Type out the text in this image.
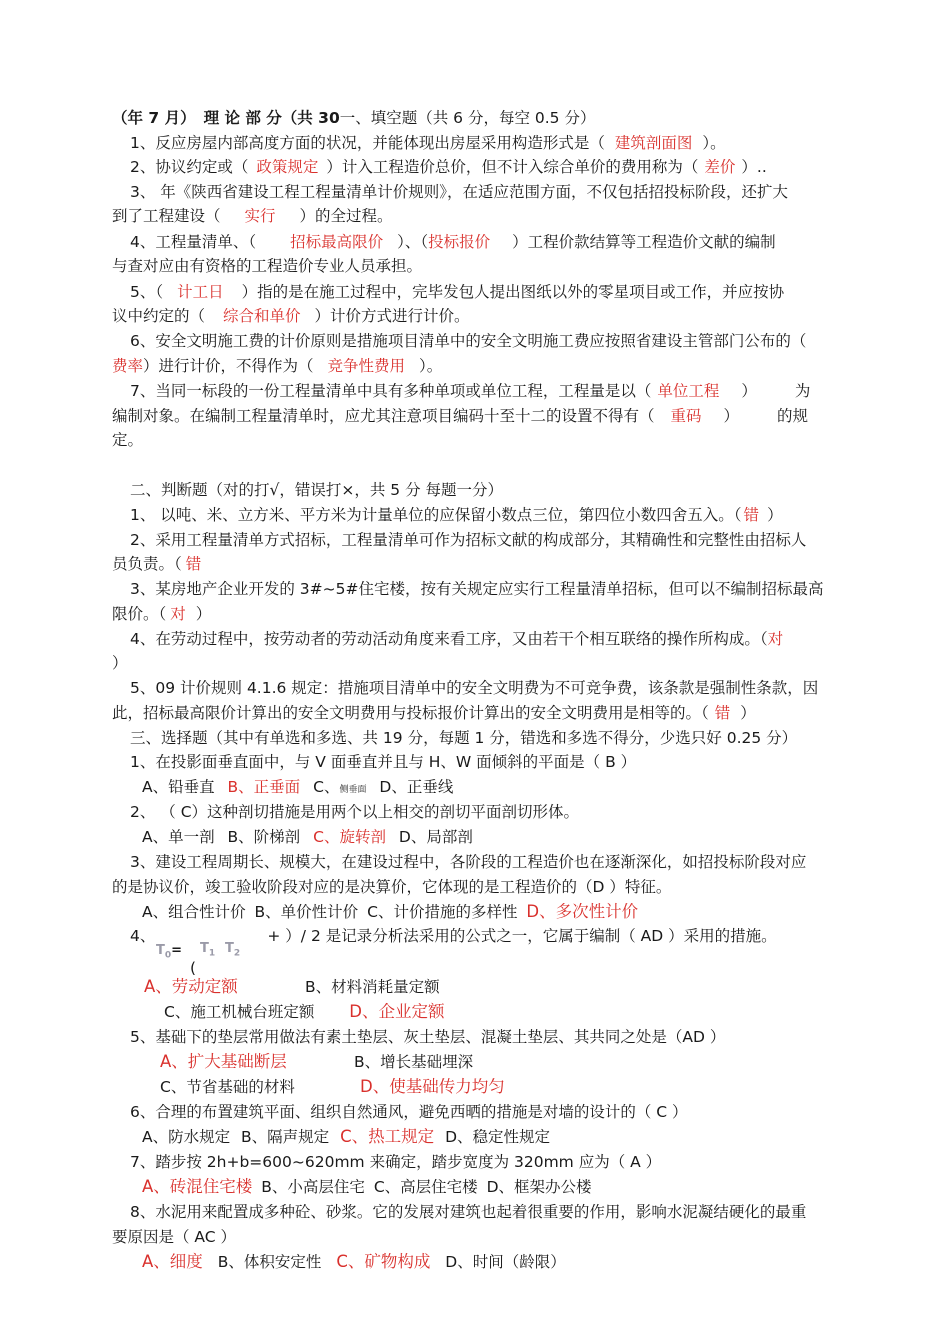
（年 7 月） 理 论 部 分（共 30一、填空题（共 6 分，每空 0.5 分）
1、反应房屋内部高度方面的状况，并能体现出房屋采用构造形式是（ 建筑剖面图 ）。
2、协议约定或（ 政策规定 ）计入工程造价总价，但不计入综合单价的费用称为（ 差价 ）..
3、 年《陕西省建设工程工程量清单计价规则》，在适应范围方面，不仅包括招投标阶段，还扩大
到了工程建设（ 实行 ）的全过程。
4、工程量清单、（ 招标最高限价 ）、（投标报价 ）工程价款结算等工程造价文献的编制
与查对应由有资格的工程造价专业人员承担。
5、（ 计工日 ）指的是在施工过程中，完毕发包人提出图纸以外的零星项目或工作，并应按协
议中约定的（ 综合和单价 ）计价方式进行计价。
6、安全文明施工费的计价原则是措施项目清单中的安全文明施工费应按照省建设主管部门公布的（
费率）进行计价，不得作为（ 竞争性费用 ）。
7、当同一标段的一份工程量清单中具有多种单项或单位工程，工程量是以（ 单位工程 ） 为
编制对象。在编制工程量清单时，应尤其注意项目编码十至十二的设置不得有（ 重码 ） 的规
定。
二、判断题（对的打√，错误打×，共 5 分 每题一分）
1、 以吨、米、立方米、平方米为计量单位的应保留小数点三位，第四位小数四舍五入。（ 错 ）
2、采用工程量清单方式招标，工程量清单可作为招标文献的构成部分，其精确性和完整性由招标人
员负责。（ 错
3、某房地产企业开发的 3#~5#住宅楼，按有关规定应实行工程量清单招标，但可以不编制招标最高
限价。（ 对 ）
4、在劳动过程中，按劳动者的劳动活动角度来看工序，又由若干个相互联络的操作所构成。（对
）
5、09 计价规则 4.1.6 规定：措施项目清单中的安全文明费为不可竞争费，该条款是强制性条款，因
此，招标最高限价计算出的安全文明费用与投标报价计算出的安全文明费用是相等的。（ 错 ）
三、选择题（其中有单选和多选、共 19 分，每题 1 分，错选和多选不得分，少选只好 0.25 分）
1、在投影面垂直面中，与 V 面垂直并且与 H、W 面倾斜的平面是（ B ）
A、铅垂直 B、正垂面 C、侧垂面 D、正垂线
2、 （ C）这种剖切措施是用两个以上相交的剖切平面剖切形体。
A、单一剖 B、阶梯剖 C、旋转剖 D、局部剖
3、建设工程周期长、规模大，在建设过程中，各阶段的工程造价也在逐渐深化，如招投标阶段对应
的是协议价，竣工验收阶段对应的是决算价，它体现的是工程造价的（D ）特征。
A、组合性计价 B、单价性计价 C、计价措施的多样性 D、多次性计价
4、	+ ）/ 2 是记录分析法采用的公式之一，它属于编制（ AD ）采用的措施。
$T_0= T_1$ $T_2$
(
A、劳动定额	B、材料消耗量定额
C、施工机械台班定额 D、企业定额
5、基础下的垫层常用做法有素土垫层、灰土垫层、混凝土垫层、其共同之处是（AD ）
A、扩大基础断层	B、增长基础埋深
C、节省基础的材料	D、使基础传力均匀
6、合理的布置建筑平面、组织自然通风，避免西晒的措施是对墙的设计的（ C ）
A、防水规定 B、隔声规定 C、热工规定 D、稳定性规定
7、踏步按 2h+b=600~620mm 来确定，踏步宽度为 320mm 应为（ A ）
A、砖混住宅楼 B、小高层住宅 C、高层住宅楼 D、框架办公楼
8、水泥用来配置成多种砼、砂浆。它的发展对建筑也起着很重要的作用，影响水泥凝结硬化的最重
要原因是（ AC ）
A、细度 B、体积安定性 C、矿物构成 D、时间（龄限）
